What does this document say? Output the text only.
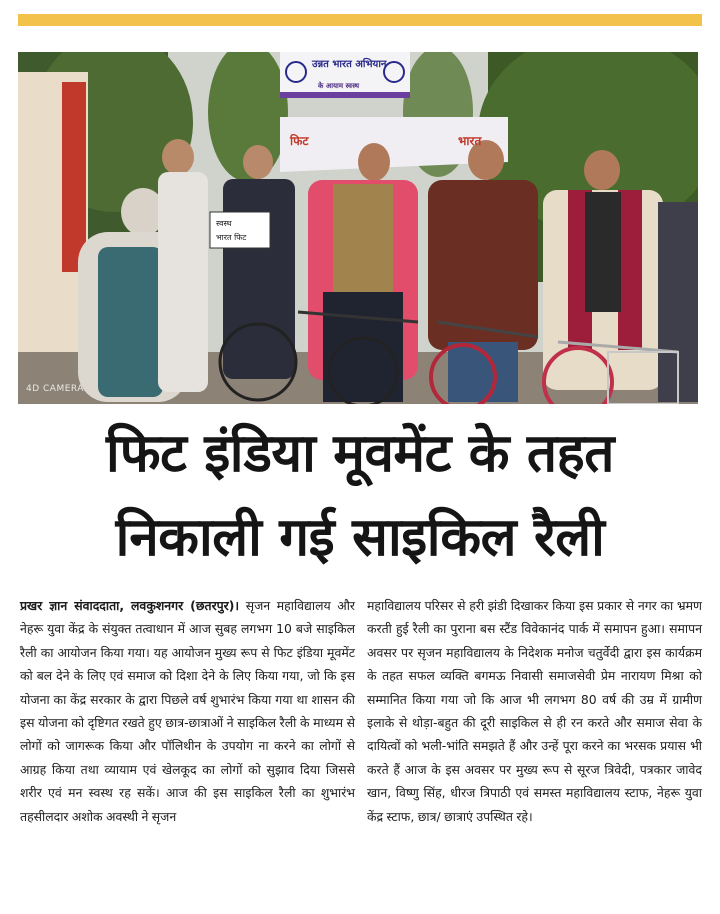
उन्नत भारत अभियान
के आयाम स्वस्थ
फिट	भारत
स्वस्थ
भारत फिट
4D CAMERA
फिट इंडिया मूवमेंट के तहत
निकाली गई साइकिल रैली
प्रखर ज्ञान संवाददाता, लवकुशनगर (छतरपुर)। सृजन महाविद्यालय और नेहरू युवा केंद्र के संयुक्त तत्वाधान में आज सुबह लगभग 10 बजे साइकिल रैली का आयोजन किया गया। यह आयोजन मुख्य रूप से फिट इंडिया मूवमेंट को बल देने के लिए एवं समाज को दिशा देने के लिए किया गया, जो कि इस योजना का केंद्र सरकार के द्वारा पिछले वर्ष शुभारंभ किया गया था शासन की इस योजना को दृष्टिगत रखते हुए छात्र-छात्राओं ने साइकिल रैली के माध्यम से लोगों को जागरूक किया और पॉलिथीन के उपयोग ना करने का लोगों से आग्रह किया तथा व्यायाम एवं खेलकूद का लोगों को सुझाव दिया जिससे शरीर एवं मन स्वस्थ रह सकें। आज की इस साइकिल रैली का शुभारंभ तहसीलदार अशोक अवस्थी ने सृजन
महाविद्यालय परिसर से हरी झंडी दिखाकर किया इस प्रकार से नगर का भ्रमण करती हुई रैली का पुराना बस स्टैंड विवेकानंद पार्क में समापन हुआ। समापन अवसर पर सृजन महाविद्यालय के निदेशक मनोज चतुर्वेदी द्वारा इस कार्यक्रम के तहत सफल व्यक्ति बगमऊ निवासी समाजसेवी प्रेम नारायण मिश्रा को सम्मानित किया गया जो कि आज भी लगभग 80 वर्ष की उम्र में ग्रामीण इलाके से थोड़ा-बहुत की दूरी साइकिल से ही रन करते और समाज सेवा के दायित्वों को भली-भांति समझते हैं और उन्हें पूरा करने का भरसक प्रयास भी करते हैं आज के इस अवसर पर मुख्य रूप से सूरज त्रिवेदी, पत्रकार जावेद खान, विष्णु सिंह, धीरज त्रिपाठी एवं समस्त महाविद्यालय स्टाफ, नेहरू युवा केंद्र स्टाफ, छात्र/ छात्राएं उपस्थित रहे।
